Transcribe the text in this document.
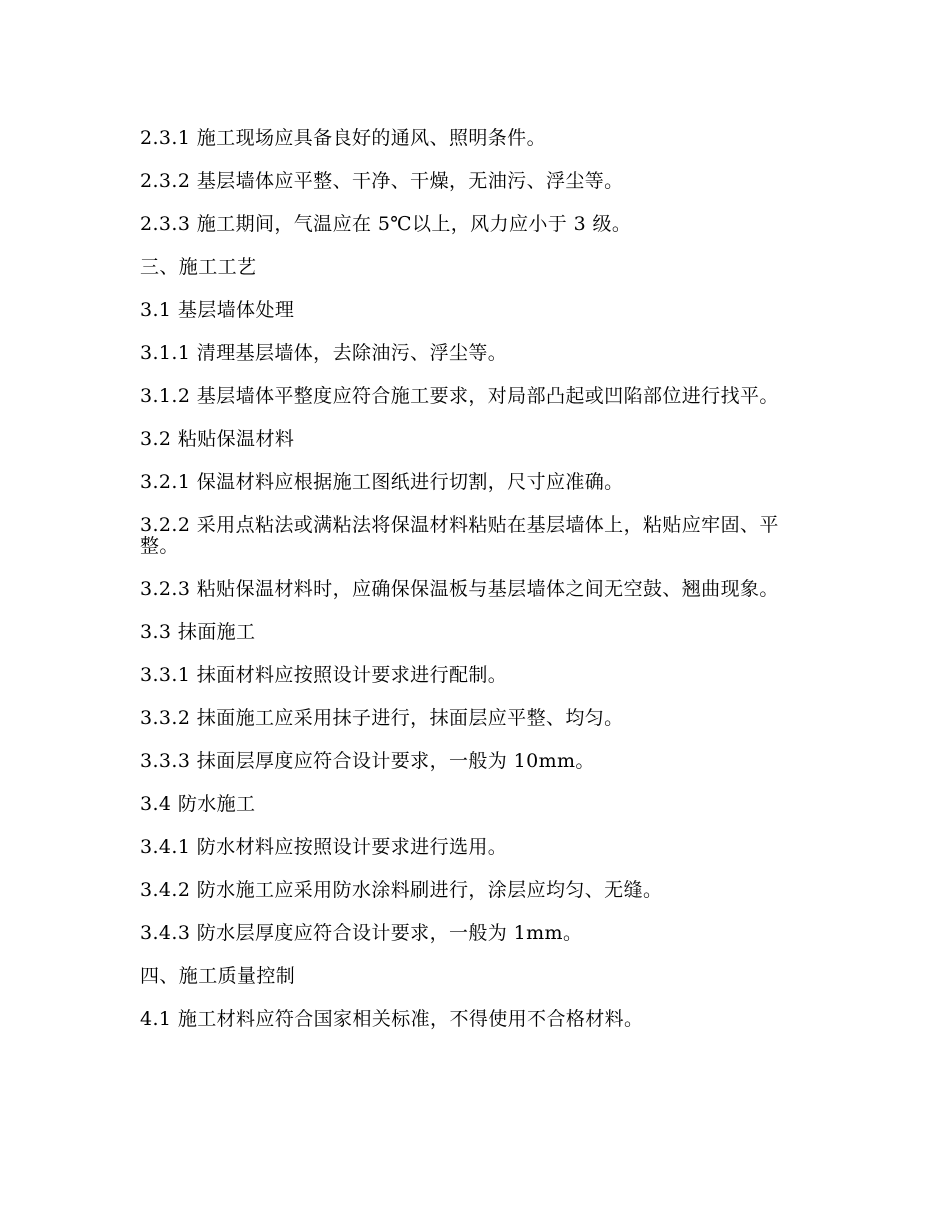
2.3.1 施工现场应具备良好的通风、照明条件。

2.3.2 基层墙体应平整、干净、干燥，无油污、浮尘等。

2.3.3 施工期间，气温应在 5℃以上，风力应小于 3 级。

三、施工工艺

3.1 基层墙体处理

3.1.1 清理基层墙体，去除油污、浮尘等。

3.1.2 基层墙体平整度应符合施工要求，对局部凸起或凹陷部位进行找平。

3.2 粘贴保温材料

3.2.1 保温材料应根据施工图纸进行切割，尺寸应准确。

3.2.2 采用点粘法或满粘法将保温材料粘贴在基层墙体上，粘贴应牢固、平整。

3.2.3 粘贴保温材料时，应确保保温板与基层墙体之间无空鼓、翘曲现象。

3.3 抹面施工

3.3.1 抹面材料应按照设计要求进行配制。

3.3.2 抹面施工应采用抹子进行，抹面层应平整、均匀。

3.3.3 抹面层厚度应符合设计要求，一般为 10mm。

3.4 防水施工

3.4.1 防水材料应按照设计要求进行选用。

3.4.2 防水施工应采用防水涂料刷进行，涂层应均匀、无缝。

3.4.3 防水层厚度应符合设计要求，一般为 1mm。

四、施工质量控制

4.1 施工材料应符合国家相关标准，不得使用不合格材料。
